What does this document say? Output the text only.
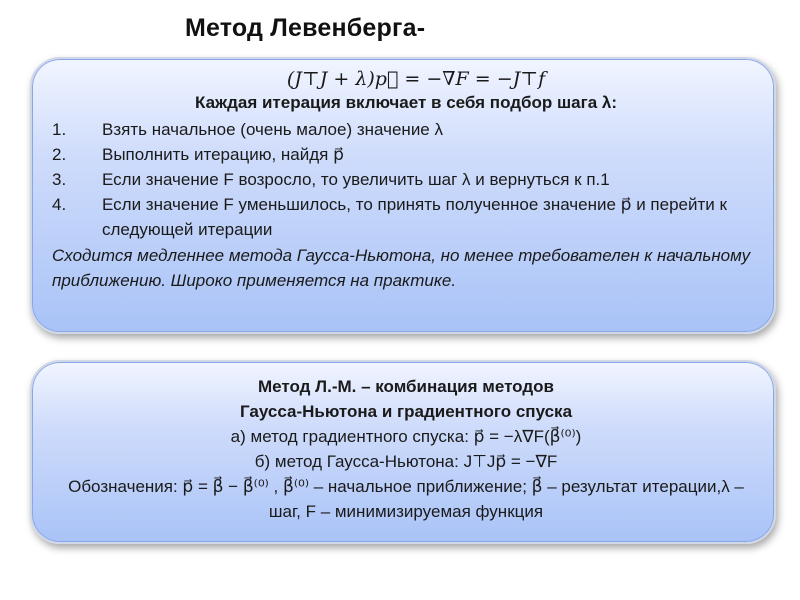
Метод Левенберга-
(J⊤J + λ)p⃗ = −∇F = −J⊤f
Каждая итерация включает в себя подбор шага λ:
1.	Взять начальное (очень малое) значение λ
2.	Выполнить итерацию, найдя p⃗
3.	Если значение F возросло, то увеличить шаг λ и вернуться к п.1
4.	Если значение F уменьшилось, то принять полученное значение p⃗ и перейти к следующей итерации
Сходится медленнее метода Гаусса-Ньютона, но менее требователен к начальному приближению. Широко применяется на практике.
Метод Л.-М. – комбинация методов
Гаусса-Ньютона и градиентного спуска
а) метод градиентного спуска: p⃗ = −λ∇F(β⃗⁽⁰⁾)
б) метод Гаусса-Ньютона: J⊤Jp⃗ = −∇F
Обозначения: p⃗ = β⃗ − β⃗⁽⁰⁾ , β⃗⁽⁰⁾ – начальное приближение; β⃗ – результат итерации,λ – шаг, F – минимизируемая функция
